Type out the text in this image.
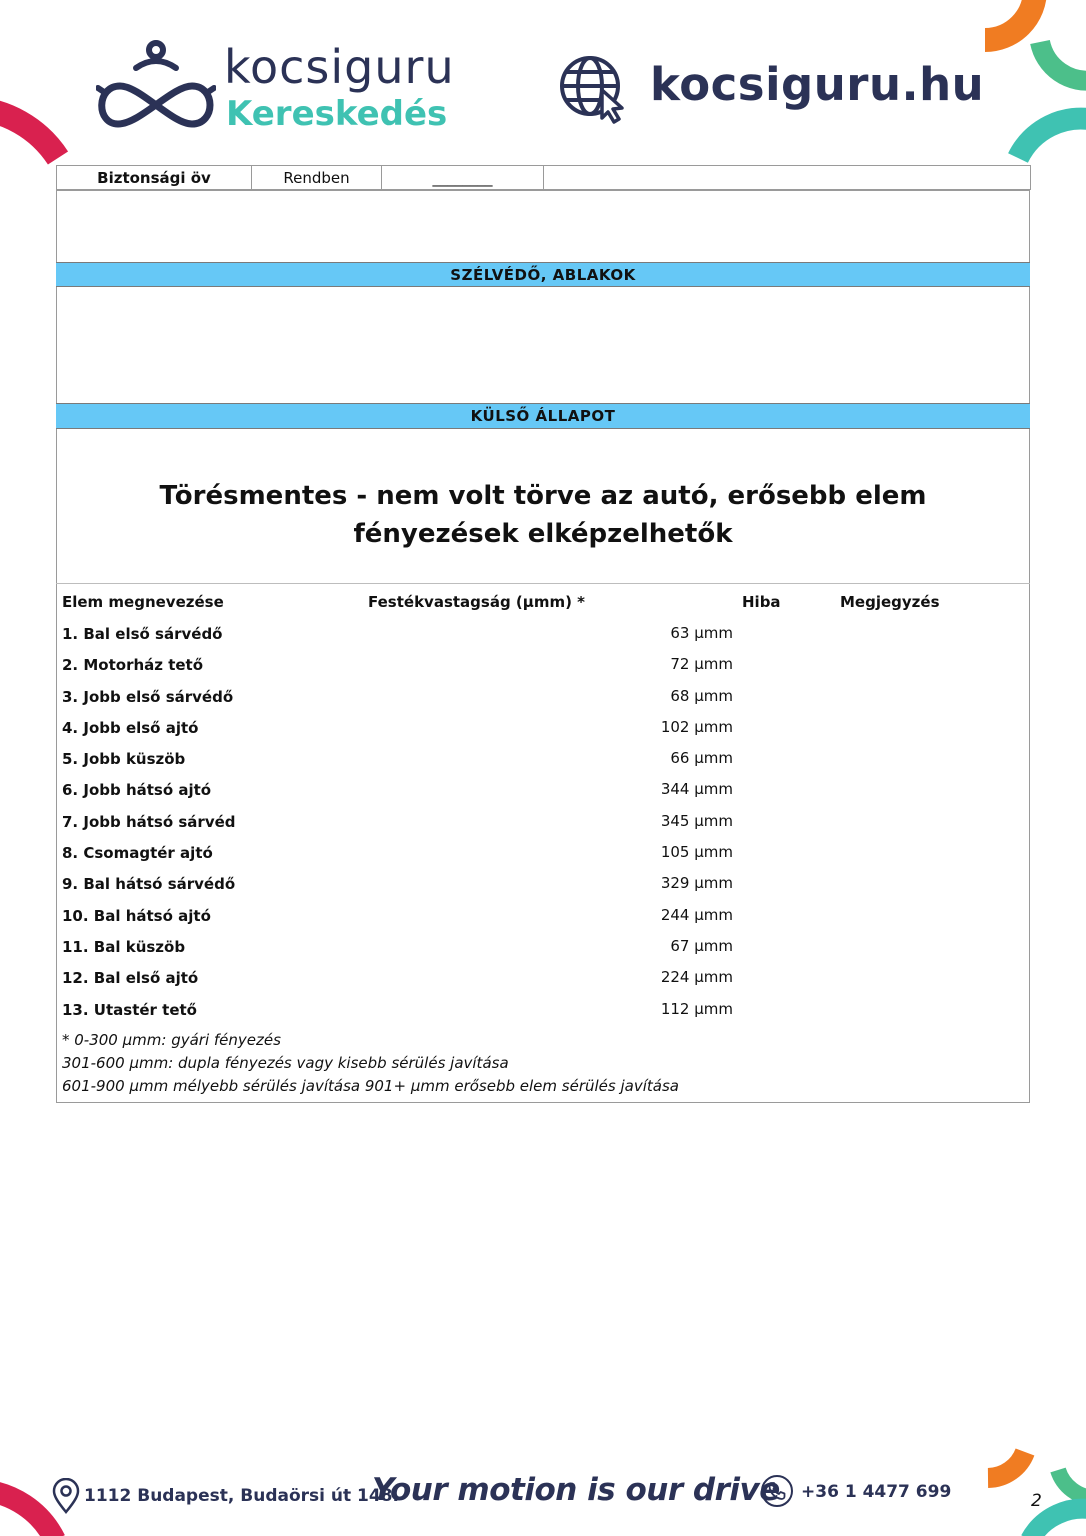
kocsiguru
Kereskedés
kocsiguru.hu
Biztonsági öv	Rendben	________
SZÉLVÉDŐ, ABLAKOK
KÜLSŐ ÁLLAPOT
Törésmentes - nem volt törve az autó, erősebb elem fényezések elképzelhetők
Elem megnevezése	Festékvastagság (µmm) *	Hiba	Megjegyzés
1. Bal első sárvédő	63 µmm
2. Motorház tető	72 µmm
3. Jobb első sárvédő	68 µmm
4. Jobb első ajtó	102 µmm
5. Jobb küszöb	66 µmm
6. Jobb hátsó ajtó	344 µmm
7. Jobb hátsó sárvéd	345 µmm
8. Csomagtér ajtó	105 µmm
9. Bal hátsó sárvédő	329 µmm
10. Bal hátsó ajtó	244 µmm
11. Bal küszöb	67 µmm
12. Bal első ajtó	224 µmm
13. Utastér tető	112 µmm
* 0-300 µmm: gyári fényezés
301-600 µmm: dupla fényezés vagy kisebb sérülés javítása
601-900 µmm mélyebb sérülés javítása 901+ µmm erősebb elem sérülés javítása
1112 Budapest, Budaörsi út 148.
Your motion is our drive +36 1 4477 699	2
